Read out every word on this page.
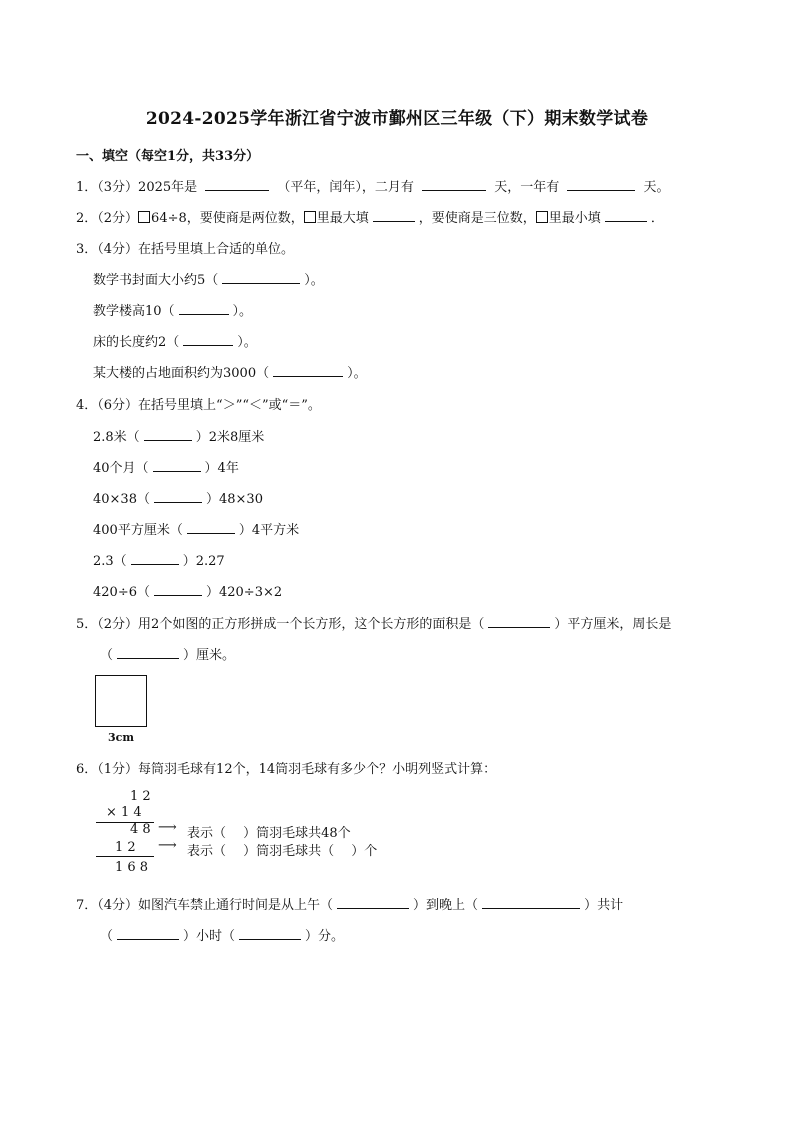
2024-2025学年浙江省宁波市鄞州区三年级（下）期末数学试卷
一、填空（每空1分，共33分）
1．（3分）2025年是	（平年，闰年），二月有	天，一年有	天。
2．（2分） 64÷8，要使商是两位数， 里最大填	，要使商是三位数， 里最小填	．
3．（4分）在括号里填上合适的单位。
数学书封面大小约5（	）。
教学楼高10（	）。
床的长度约2（	）。
某大楼的占地面积约为3000（	）。
4．（6分）在括号里填上“＞”“＜”或“＝”。
2.8米（	）2米8厘米
40个月（	）4年
40×38（	）48×30
400平方厘米（	）4平方米
2.3（	）2.27
420÷6（	）420÷3×2
5．（2分）用2个如图的正方形拼成一个长方形，这个长方形的面积是（	）平方厘米，周长是
（	）厘米。
3cm
6．（1分）每筒羽毛球有12个，14筒羽毛球有多少个？小明列竖式计算：
1 2
× 1 4
4 8 ⟶ 表示（　 ）筒羽毛球共48个
1 2 ⟶ 表示（　 ）筒羽毛球共（　 ）个
1 6 8
7．（4分）如图汽车禁止通行时间是从上午（	）到晚上（	）共计
（	）小时（	）分。
